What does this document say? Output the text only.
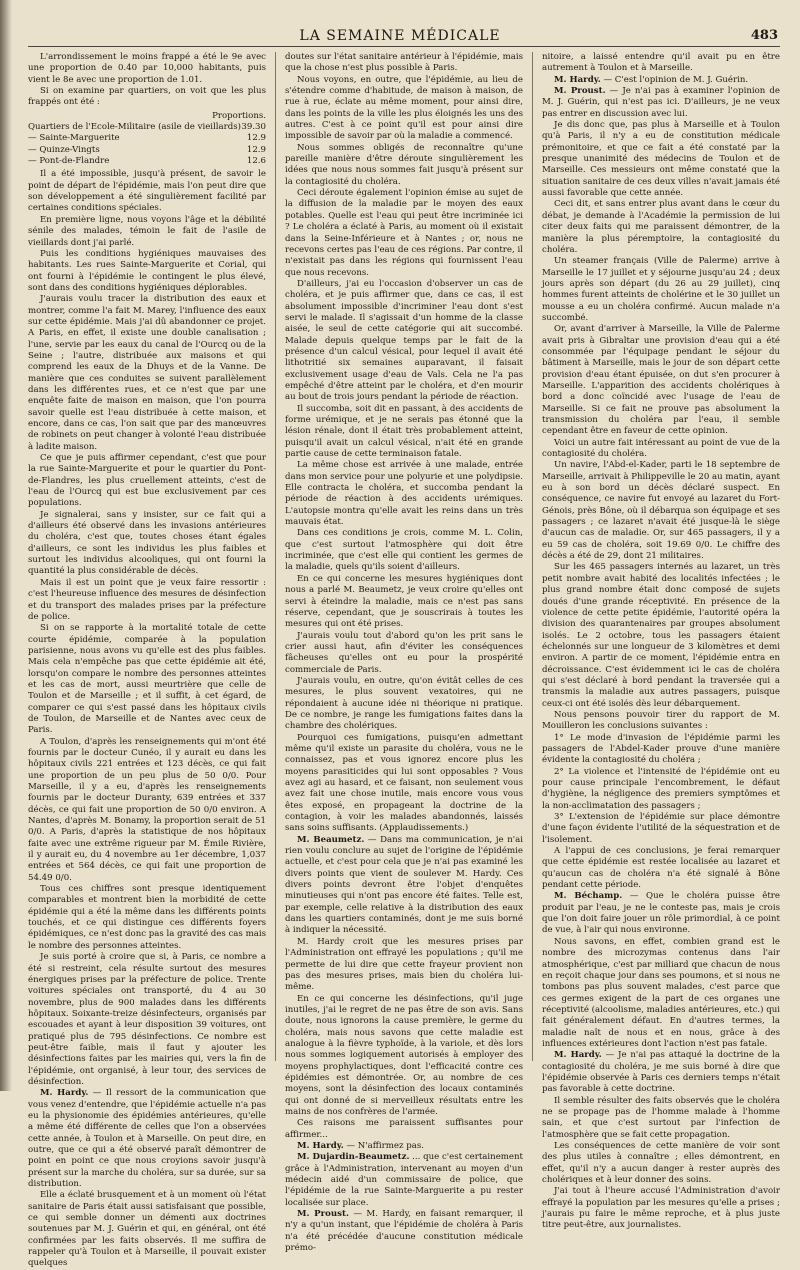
LA SEMAINE MÉDICALE	483

L'arrondissement le moins frappé a été le 9e avec une proportion de 0.40 par 10,000 habitants, puis vient le 8e avec une proportion de 1.01.

Si on examine par quartiers, on voit que les plus frappés ont été :

Proportions.
Quartiers de l'Ecole-Militaire (asile de vieillards) 39.30
— Sainte-Marguerite	12.9
— Quinze-Vingts	12.9
— Pont-de-Flandre	12.6

Il a été impossible, jusqu'à présent, de savoir le point de départ de l'épidémie, mais l'on peut dire que son développement a été singulièrement facilité par certaines conditions spéciales.

En première ligne, nous voyons l'âge et la débilité sénile des malades, témoin le fait de l'asile de vieillards dont j'ai parlé.

Puis les conditions hygiéniques mauvaises des habitants. Les rues Sainte-Marguerite et Corial, qui ont fourni à l'épidémie le contingent le plus élevé, sont dans des conditions hygiéniques déplorables.

J'aurais voulu tracer la distribution des eaux et montrer, comme l'a fait M. Marey, l'influence des eaux sur cette épidémie. Mais j'ai dû abandonner ce projet. A Paris, en effet, il existe une double canalisation ; l'une, servie par les eaux du canal de l'Ourcq ou de la Seine ; l'autre, distribuée aux maisons et qui comprend les eaux de la Dhuys et de la Vanne. De manière que ces conduites se suivent parallèlement dans les différentes rues, et ce n'est que par une enquête faite de maison en maison, que l'on pourra savoir quelle est l'eau distribuée à cette maison, et encore, dans ce cas, l'on sait que par des manœuvres de robinets on peut changer à volonté l'eau distribuée à ladite maison.

Ce que je puis affirmer cependant, c'est que pour la rue Sainte-Marguerite et pour le quartier du Pont-de-Flandres, les plus cruellement atteints, c'est de l'eau de l'Ourcq qui est bue exclusivement par ces populations.

Je signalerai, sans y insister, sur ce fait qui a d'ailleurs été observé dans les invasions antérieures du choléra, c'est que, toutes choses étant égales d'ailleurs, ce sont les individus les plus faibles et surtout les individus alcooliques, qui ont fourni la quantité la plus considérable de décès.

Mais il est un point que je veux faire ressortir : c'est l'heureuse influence des mesures de désinfection et du transport des malades prises par la préfecture de police.

Si on se rapporte à la mortalité totale de cette courte épidémie, comparée à la population parisienne, nous avons vu qu'elle est des plus faibles. Mais cela n'empêche pas que cette épidémie ait été, lorsqu'on compare le nombre des personnes atteintes et les cas de mort, aussi meurtrière que celle de Toulon et de Marseille ; et il suffit, à cet égard, de comparer ce qui s'est passé dans les hôpitaux civils de Toulon, de Marseille et de Nantes avec ceux de Paris.

A Toulon, d'après les renseignements qui m'ont été fournis par le docteur Cunéo, il y aurait eu dans les hôpitaux civils 221 entrées et 123 décès, ce qui fait une proportion de un peu plus de 50 0/0. Pour Marseille, il y a eu, d'après les renseignements fournis par le docteur Duranty, 639 entrées et 337 décès, ce qui fait une proportion de 50 0/0 environ. A Nantes, d'après M. Bonamy, la proportion serait de 51 0/0. A Paris, d'après la statistique de nos hôpitaux faite avec une extrême rigueur par M. Émile Rivière, il y aurait eu, du 4 novembre au 1er décembre, 1,037 entrées et 564 décès, ce qui fait une proportion de 54.49 0/0.

Tous ces chiffres sont presque identiquement comparables et montrent bien la morbidité de cette épidémie qui a été la même dans les différents points touchés, et ce qui distingue ces différents foyers épidémiques, ce n'est donc pas la gravité des cas mais le nombre des personnes atteintes.

Je suis porté à croire que si, à Paris, ce nombre a été si restreint, cela résulte surtout des mesures énergiques prises par la préfecture de police. Trente voitures spéciales ont transporté, du 4 au 30 novembre, plus de 900 malades dans les différents hôpitaux. Soixante-treize désinfecteurs, organisés par escouades et ayant à leur disposition 39 voitures, ont pratiqué plus de 795 désinfections. Ce nombre est peut-être faible, mais il faut y ajouter les désinfections faites par les mairies qui, vers la fin de l'épidémie, ont organisé, à leur tour, des services de désinfection.

M. Hardy. — Il ressort de la communication que vous venez d'entendre, que l'épidémie actuelle n'a pas eu la physionomie des épidémies antérieures, qu'elle a même été différente de celles que l'on a observées cette année, à Toulon et à Marseille. On peut dire, en outre, que ce qui a été observé paraît démontrer de point en point ce que nous croyions savoir jusqu'à présent sur la marche du choléra, sur sa durée, sur sa distribution.

Elle a éclaté brusquement et à un moment où l'état sanitaire de Paris était aussi satisfaisant que possible, ce qui semble donner un démenti aux doctrines soutenues par M. J. Guérin et qui, en général, ont été confirmées par les faits observés. Il me suffira de rappeler qu'à Toulon et à Marseille, il pouvait exister quelques

doutes sur l'état sanitaire antérieur à l'épidémie, mais que la chose n'est plus possible à Paris.

Nous voyons, en outre, que l'épidémie, au lieu de s'étendre comme d'habitude, de maison à maison, de rue à rue, éclate au même moment, pour ainsi dire, dans les points de la ville les plus éloignés les uns des autres. C'est à ce point qu'il est pour ainsi dire impossible de savoir par où la maladie a commencé.

Nous sommes obligés de reconnaître qu'une pareille manière d'être déroute singulièrement les idées que nous nous sommes fait jusqu'à présent sur la contagiosité du choléra.

Ceci déroute également l'opinion émise au sujet de la diffusion de la maladie par le moyen des eaux potables. Quelle est l'eau qui peut être incriminée ici ? Le choléra a éclaté à Paris, au moment où il existait dans la Seine-Inférieure et à Nantes ; or, nous ne recevons certes pas l'eau de ces régions. Par contre, il n'existait pas dans les régions qui fournissent l'eau que nous recevons.

D'ailleurs, j'ai eu l'occasion d'observer un cas de choléra, et je puis affirmer que, dans ce cas, il est absolument impossible d'incriminer l'eau dont s'est servi le malade. Il s'agissait d'un homme de la classe aisée, le seul de cette catégorie qui ait succombé. Malade depuis quelque temps par le fait de la présence d'un calcul vésical, pour lequel il avait été lithotritié six semaines auparavant, il faisait exclusivement usage d'eau de Vals. Cela ne l'a pas empêché d'être atteint par le choléra, et d'en mourir au bout de trois jours pendant la période de réaction.

Il succomba, soit dit en passant, à des accidents de forme urémique, et je ne serais pas étonné que la lésion rénale, dont il était très probablement atteint, puisqu'il avait un calcul vésical, n'ait été en grande partie cause de cette terminaison fatale.

La même chose est arrivée à une malade, entrée dans mon service pour une polyurie et une polydipsie. Elle contracta le choléra, et succomba pendant la période de réaction à des accidents urémiques. L'autopsie montra qu'elle avait les reins dans un très mauvais état.

Dans ces conditions je crois, comme M. L. Colin, que c'est surtout l'atmosphère qui doit être incriminée, que c'est elle qui contient les germes de la maladie, quels qu'ils soient d'ailleurs.

En ce qui concerne les mesures hygiéniques dont nous a parlé M. Beaumetz, je veux croire qu'elles ont servi à éteindre la maladie, mais ce n'est pas sans réserve, cependant, que je souscrirais à toutes les mesures qui ont été prises.

J'aurais voulu tout d'abord qu'on les prit sans le crier aussi haut, afin d'éviter les conséquences fâcheuses qu'elles ont eu pour la prospérité commerciale de Paris.

J'aurais voulu, en outre, qu'on évitât celles de ces mesures, le plus souvent vexatoires, qui ne répondaient à aucune idée ni théorique ni pratique. De ce nombre, je range les fumigations faites dans la chambre des cholériques.

Pourquoi ces fumigations, puisqu'en admettant même qu'il existe un parasite du choléra, vous ne le connaissez, pas et vous ignorez encore plus les moyens parasiticides qui lui sont opposables ? Vous avez agi au hasard, et ce faisant, non seulement vous avez fait une chose inutile, mais encore vous vous êtes exposé, en propageant la doctrine de la contagion, à voir les malades abandonnés, laissés sans soins suffisants. (Applaudissements.)

M. Beaumetz. — Dans ma communication, je n'ai rien voulu conclure au sujet de l'origine de l'épidémie actuelle, et c'est pour cela que je n'ai pas examiné les divers points que vient de soulever M. Hardy. Ces divers points devront être l'objet d'enquêtes minutieuses qui n'ont pas encore été faites. Telle est, par exemple, celle relative à la distribution des eaux dans les quartiers contaminés, dont je me suis borné à indiquer la nécessité.

M. Hardy croit que les mesures prises par l'Administration ont effrayé les populations ; qu'il me permette de lui dire que cette frayeur provient non pas des mesures prises, mais bien du choléra lui-même.

En ce qui concerne les désinfections, qu'il juge inutiles, j'ai le regret de ne pas être de son avis. Sans doute, nous ignorons la cause première, le germe du choléra, mais nous savons que cette maladie est analogue à la fièvre typhoïde, à la variole, et dès lors nous sommes logiquement autorisés à employer des moyens prophylactiques, dont l'efficacité contre ces épidémies est démontrée. Or, au nombre de ces moyens, sont la désinfection des locaux contaminés qui ont donné de si merveilleux résultats entre les mains de nos confrères de l'armée.

Ces raisons me paraissent suffisantes pour affirmer...

M. Hardy. — N'affirmez pas.

M. Dujardin-Beaumetz. ... que c'est certainement grâce à l'Administration, intervenant au moyen d'un médecin aidé d'un commissaire de police, que l'épidémie de la rue Sainte-Marguerite a pu rester localisée sur place.

M. Proust. — M. Hardy, en faisant remarquer, il n'y a qu'un instant, que l'épidémie de choléra à Paris n'a été précédée d'aucune constitution médicale prémo-

nitoire, a laissé entendre qu'il avait pu en être autrement à Toulon et à Marseille.

M. Hardy. — C'est l'opinion de M. J. Guérin.

M. Proust. — Je n'ai pas à examiner l'opinion de M. J. Guérin, qui n'est pas ici. D'ailleurs, je ne veux pas entrer en discussion avec lui.

Je dis donc que, pas plus à Marseille et à Toulon qu'à Paris, il n'y a eu de constitution médicale prémonitoire, et que ce fait a été constaté par la presque unanimité des médecins de Toulon et de Marseille. Ces messieurs ont même constaté que la situation sanitaire de ces deux villes n'avait jamais été aussi favorable que cette année.

Ceci dit, et sans entrer plus avant dans le cœur du débat, je demande à l'Académie la permission de lui citer deux faits qui me paraissent démontrer, de la manière la plus péremptoire, la contagiosité du choléra.

Un steamer français (Ville de Palerme) arrive à Marseille le 17 juillet et y séjourne jusqu'au 24 ; deux jours après son départ (du 26 au 29 juillet), cinq hommes furent atteints de cholérine et le 30 juillet un mousse a eu un choléra confirmé. Aucun malade n'a succombé.

Or, avant d'arriver à Marseille, la Ville de Palerme avait pris à Gibraltar une provision d'eau qui a été consommée par l'équipage pendant le séjour du bâtiment à Marseille, mais le jour de son départ cette provision d'eau étant épuisée, on dut s'en procurer à Marseille. L'apparition des accidents cholériques à bord a donc coïncidé avec l'usage de l'eau de Marseille. Si ce fait ne prouve pas absolument la transmission du choléra par l'eau, il semble cependant être en faveur de cette opinion.

Voici un autre fait intéressant au point de vue de la contagiosité du choléra.

Un navire, l'Abd-el-Kader, parti le 18 septembre de Marseille, arrivait à Philippeville le 20 au matin, ayant eu à son bord un décès déclaré suspect. En conséquence, ce navire fut envoyé au lazaret du Fort-Génois, près Bône, où il débarqua son équipage et ses passagers ; ce lazaret n'avait été jusque-là le siège d'aucun cas de maladie. Or, sur 465 passagers, il y a eu 59 cas de choléra, soit 19.69 0/0. Le chiffre des décès a été de 29, dont 21 militaires.

Sur les 465 passagers internés au lazaret, un très petit nombre avait habité des localités infectées ; le plus grand nombre était donc composé de sujets doués d'une grande réceptivité. En présence de la violence de cette petite épidémie, l'autorité opéra la division des quarantenaires par groupes absolument isolés. Le 2 octobre, tous les passagers étaient échelonnés sur une longueur de 3 kilomètres et demi environ. A partir de ce moment, l'épidémie entra en décroissance. C'est évidemment ici le cas de choléra qui s'est déclaré à bord pendant la traversée qui a transmis la maladie aux autres passagers, puisque ceux-ci ont été isolés dès leur débarquement.

Nous pensons pouvoir tirer du rapport de M. Mouilleron les conclusions suivantes :

1° Le mode d'invasion de l'épidémie parmi les passagers de l'Abdel-Kader prouve d'une manière évidente la contagiosité du choléra ;

2° La violence et l'intensité de l'épidémie ont eu pour cause principale l'encombrement, le défaut d'hygiène, la négligence des premiers symptômes et la non-acclimatation des passagers ;

3° L'extension de l'épidémie sur place démontre d'une façon évidente l'utilité de la séquestration et de l'isolement.

A l'appui de ces conclusions, je ferai remarquer que cette épidémie est restée localisée au lazaret et qu'aucun cas de choléra n'a été signalé à Bône pendant cette période.

M. Béchamp. — Que le choléra puisse être produit par l'eau, je ne le conteste pas, mais je crois que l'on doit faire jouer un rôle primordial, à ce point de vue, à l'air qui nous environne.

Nous savons, en effet, combien grand est le nombre des microzymas contenus dans l'air atmosphérique, c'est par milliard que chacun de nous en reçoit chaque jour dans ses poumons, et si nous ne tombons pas plus souvent malades, c'est parce que ces germes exigent de la part de ces organes une réceptivité (alcoolisme, maladies antérieures, etc.) qui fait généralement défaut. En d'autres termes, la maladie naît de nous et en nous, grâce à des influences extérieures dont l'action n'est pas fatale.

M. Hardy. — Je n'ai pas attaqué la doctrine de la contagiosité du choléra, je me suis borné à dire que l'épidémie observée à Paris ces derniers temps n'était pas favorable à cette doctrine.

Il semble résulter des faits observés que le choléra ne se propage pas de l'homme malade à l'homme sain, et que c'est surtout par l'infection de l'atmosphère que se fait cette propagation.

Les conséquences de cette manière de voir sont des plus utiles à connaître ; elles démontrent, en effet, qu'il n'y a aucun danger à rester auprès des cholériques et à leur donner des soins.

J'ai tout à l'heure accusé l'Administration d'avoir effrayé la population par les mesures qu'elle a prises ; j'aurais pu faire le même reproche, et à plus juste titre peut-être, aux journalistes.
